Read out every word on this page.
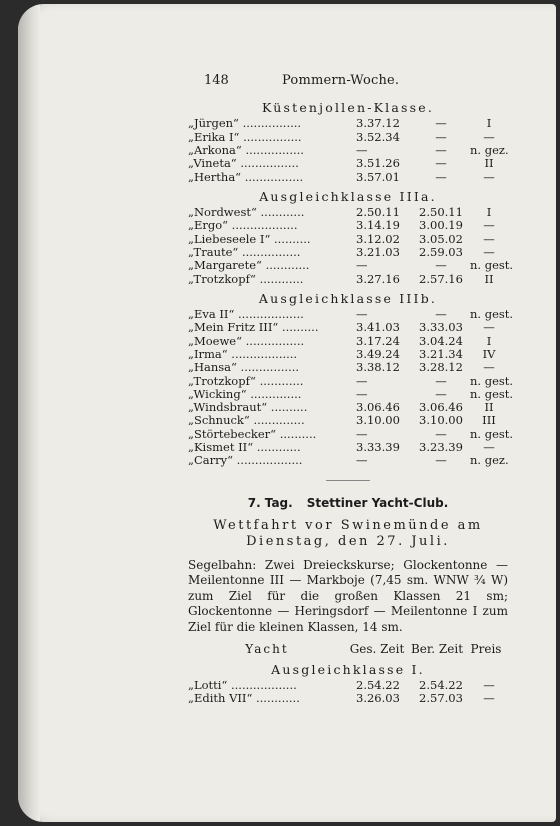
148	Pommern-Woche.
Küstenjollen-Klasse.
„Jürgen“ ................	3.37.12	—	I
„Erika I“ ................	3.52.34	—	—
„Arkona“ ................	—	—	n. gez.
„Vineta“ ................	3.51.26	—	II
„Hertha“ ................	3.57.01	—	—
Ausgleichklasse IIIa.
„Nordwest“ ............	2.50.11	2.50.11	I
„Ergo“ ..................	3.14.19	3.00.19	—
„Liebeseele I“ ..........	3.12.02	3.05.02	—
„Traute“ ................	3.21.03	2.59.03	—
„Margarete“ ............	—	—	n. gest.
„Trotzkopf“ ............	3.27.16	2.57.16	II
Ausgleichklasse IIIb.
„Eva II“ ..................	—	—	n. gest.
„Mein Fritz III“ ..........	3.41.03	3.33.03	—
„Moewe“ ................	3.17.24	3.04.24	I
„Irma“ ..................	3.49.24	3.21.34	IV
„Hansa“ ................	3.38.12	3.28.12	—
„Trotzkopf“ ............	—	—	n. gest.
„Wicking“ ..............	—	—	n. gest.
„Windsbraut“ ..........	3.06.46	3.06.46	II
„Schnuck“ ..............	3.10.00	3.10.00	III
„Störtebecker“ ..........	—	—	n. gest.
„Kismet II“ ............	3.33.39	3.23.39	—
„Carry“ ..................	—	—	n. gez.
7. Tag. Stettiner Yacht-Club.
Wettfahrt vor Swinemünde am
Dienstag, den 27. Juli.
Segelbahn: Zwei Dreieckskurse; Glockentonne — Meilentonne III — Markboje (7,45 sm. WNW ¾ W) zum Ziel für die großen Klassen 21 sm; Glockentonne — Heringsdorf — Meilentonne I zum Ziel für die kleinen Klassen, 14 sm.
Yacht	Ges. Zeit Ber. Zeit Preis
Ausgleichklasse I.
„Lotti“ ..................	2.54.22	2.54.22	—
„Edith VII“ ............	3.26.03	2.57.03	—
